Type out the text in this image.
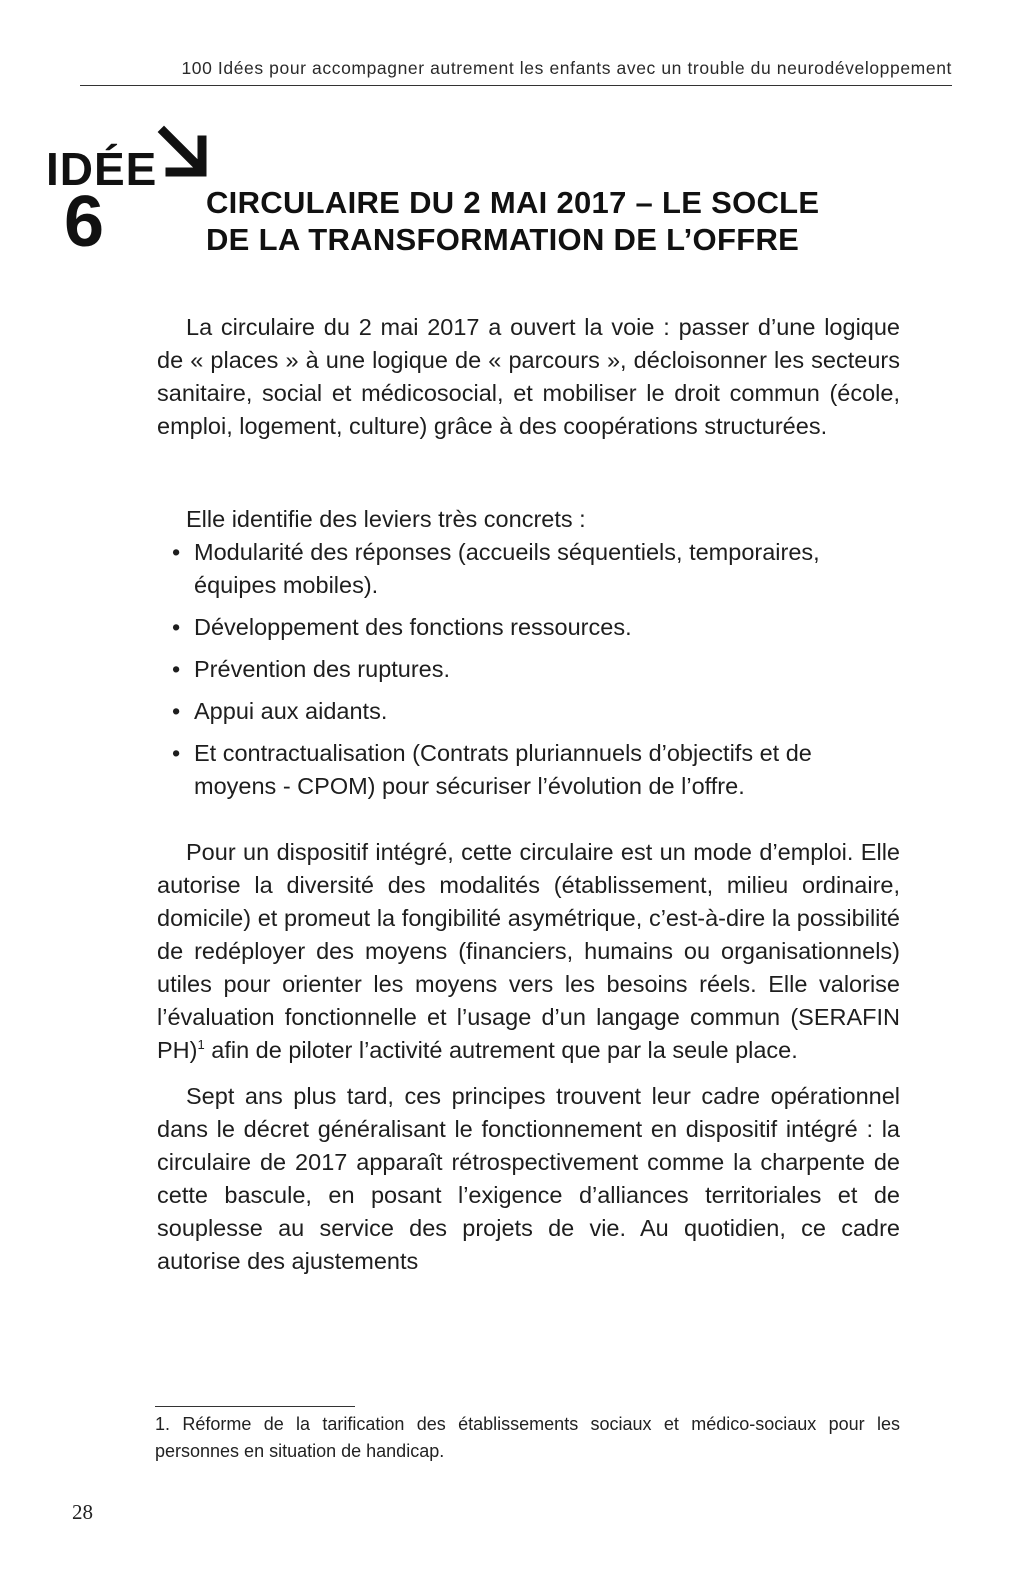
100 Idées pour accompagner autrement les enfants avec un trouble du neurodéveloppement
IDÉE
6	CIRCULAIRE DU 2 MAI 2017 – LE SOCLE
DE LA TRANSFORMATION DE L’OFFRE

La circulaire du 2 mai 2017 a ouvert la voie : passer d’une logique de « places » à une logique de « parcours », décloisonner les secteurs sanitaire, social et médicosocial, et mobiliser le droit commun (école, emploi, logement, culture) grâce à des coopérations structurées.

Elle identifie des leviers très concrets :

• Modularité des réponses (accueils séquentiels, temporaires, équipes mobiles).
• Développement des fonctions ressources.
• Prévention des ruptures.
• Appui aux aidants.
• Et contractualisation (Contrats pluriannuels d’objectifs et de moyens - CPOM) pour sécuriser l’évolution de l’offre.

Pour un dispositif intégré, cette circulaire est un mode d’emploi. Elle autorise la diversité des modalités (établissement, milieu ordinaire, domicile) et promeut la fongibilité asymétrique, c’est-à-dire la possibilité de redéployer des moyens (financiers, humains ou organisationnels) utiles pour orienter les moyens vers les besoins réels. Elle valorise l’évaluation fonctionnelle et l’usage d’un langage commun (SERAFIN PH)$^1$ afin de piloter l’activité autrement que par la seule place.

Sept ans plus tard, ces principes trouvent leur cadre opérationnel dans le décret généralisant le fonctionnement en dispositif intégré : la circulaire de 2017 apparaît rétrospectivement comme la charpente de cette bascule, en posant l’exigence d’alliances territoriales et de souplesse au service des projets de vie. Au quotidien, ce cadre autorise des ajustements

1. Réforme de la tarification des établissements sociaux et médico-sociaux pour les personnes en situation de handicap.
28
